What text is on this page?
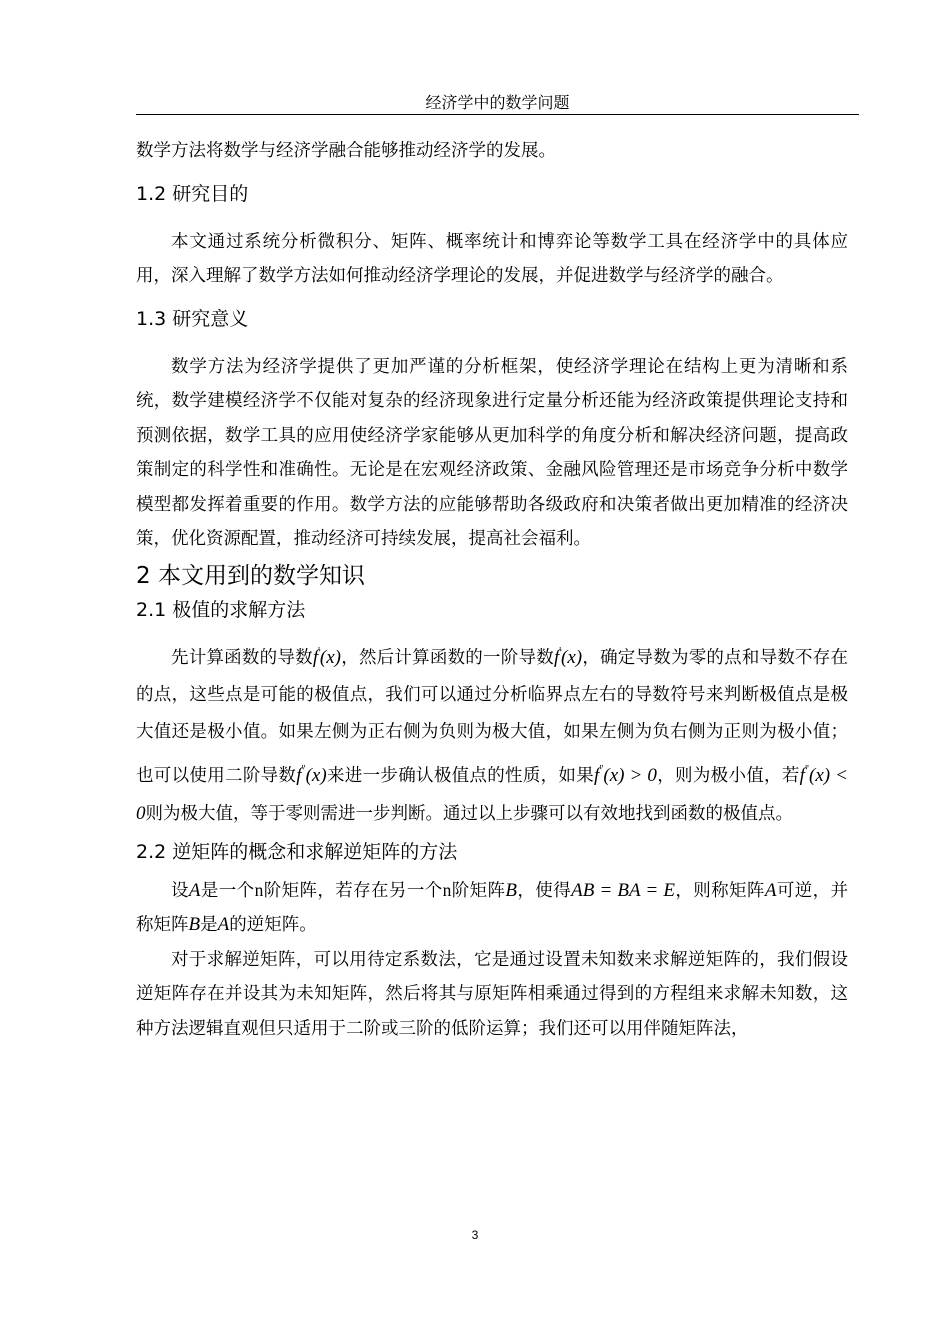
经济学中的数学问题

数学方法将数学与经济学融合能够推动经济学的发展。

1.2 研究目的

本文通过系统分析微积分、矩阵、概率统计和博弈论等数学工具在经济学中的具体应用，深入理解了数学方法如何推动经济学理论的发展，并促进数学与经济学的融合。

1.3 研究意义

数学方法为经济学提供了更加严谨的分析框架，使经济学理论在结构上更为清晰和系统，数学建模经济学不仅能对复杂的经济现象进行定量分析还能为经济政策提供理论支持和预测依据，数学工具的应用使经济学家能够从更加科学的角度分析和解决经济问题，提高政策制定的科学性和准确性。无论是在宏观经济政策、金融风险管理还是市场竞争分析中数学模型都发挥着重要的作用。数学方法的应能够帮助各级政府和决策者做出更加精准的经济决策，优化资源配置，推动经济可持续发展，提高社会福利。

2 本文用到的数学知识
2.1 极值的求解方法

先计算函数的导数f'(x)，然后计算函数的一阶导数f'(x)，确定导数为零的点和导数不存在的点，这些点是可能的极值点，我们可以通过分析临界点左右的导数符号来判断极值点是极大值还是极小值。如果左侧为正右侧为负则为极大值，如果左侧为负右侧为正则为极小值；也可以使用二阶导数f"(x)来进一步确认极值点的性质，如果f"(x) > 0，则为极小值，若f"(x) < 0则为极大值，等于零则需进一步判断。通过以上步骤可以有效地找到函数的极值点。

2.2 逆矩阵的概念和求解逆矩阵的方法

设A是一个n阶矩阵，若存在另一个n阶矩阵B，使得AB = BA = E，则称矩阵A可逆，并称矩阵B是A的逆矩阵。

对于求解逆矩阵，可以用待定系数法，它是通过设置未知数来求解逆矩阵的，我们假设逆矩阵存在并设其为未知矩阵，然后将其与原矩阵相乘通过得到的方程组来求解未知数，这种方法逻辑直观但只适用于二阶或三阶的低阶运算；我们还可以用伴随矩阵法，

3
